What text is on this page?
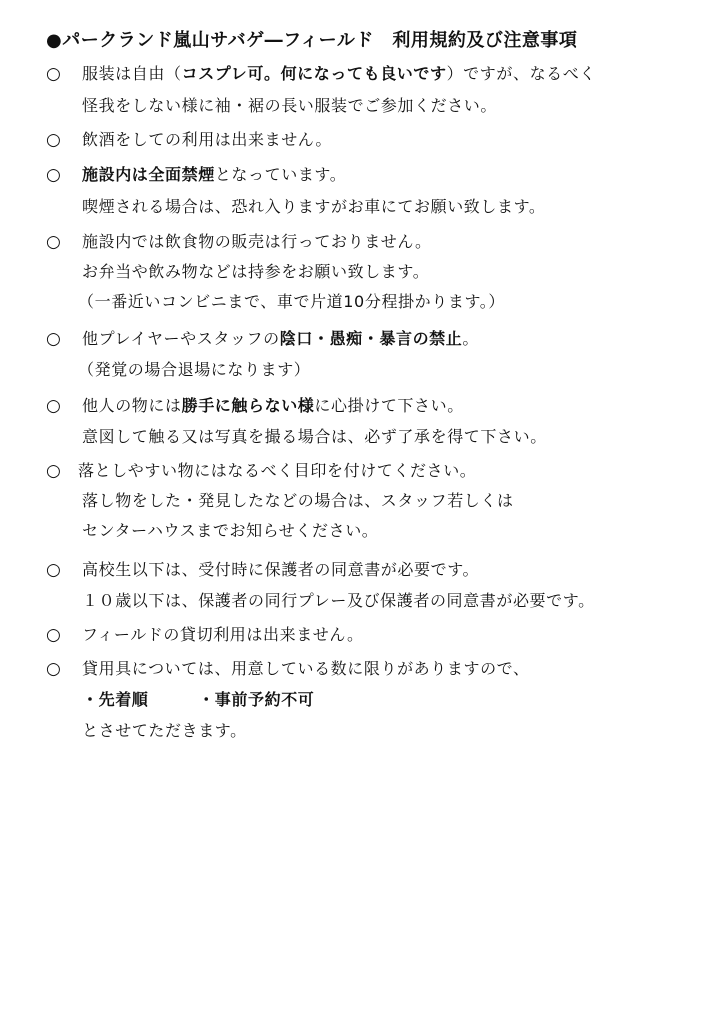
●パークランド嵐山サバゲ―フィールド　利用規約及び注意事項
○ 服装は自由（コスプレ可。何になっても良いです）ですが、なるべく
怪我をしない様に袖・裾の長い服装でご参加ください。
○ 飲酒をしての利用は出来ません。
○ 施設内は全面禁煙となっています。
喫煙される場合は、恐れ入りますがお車にてお願い致します。
○ 施設内では飲食物の販売は行っておりません。
お弁当や飲み物などは持参をお願い致します。
（一番近いコンビニまで、車で片道10分程掛かります。）
○ 他プレイヤーやスタッフの陰口・愚痴・暴言の禁止。
（発覚の場合退場になります）
○ 他人の物には勝手に触らない様に心掛けて下さい。
意図して触る又は写真を撮る場合は、必ず了承を得て下さい。
○ 落としやすい物にはなるべく目印を付けてください。
落し物をした・発見したなどの場合は、スタッフ若しくは
センターハウスまでお知らせください。
○ 高校生以下は、受付時に保護者の同意書が必要です。
１０歳以下は、保護者の同行プレー及び保護者の同意書が必要です。
○ フィールドの貸切利用は出来ません。
○ 貸用具については、用意している数に限りがありますので、
・先着順　　　・事前予約不可
とさせてただきます。
